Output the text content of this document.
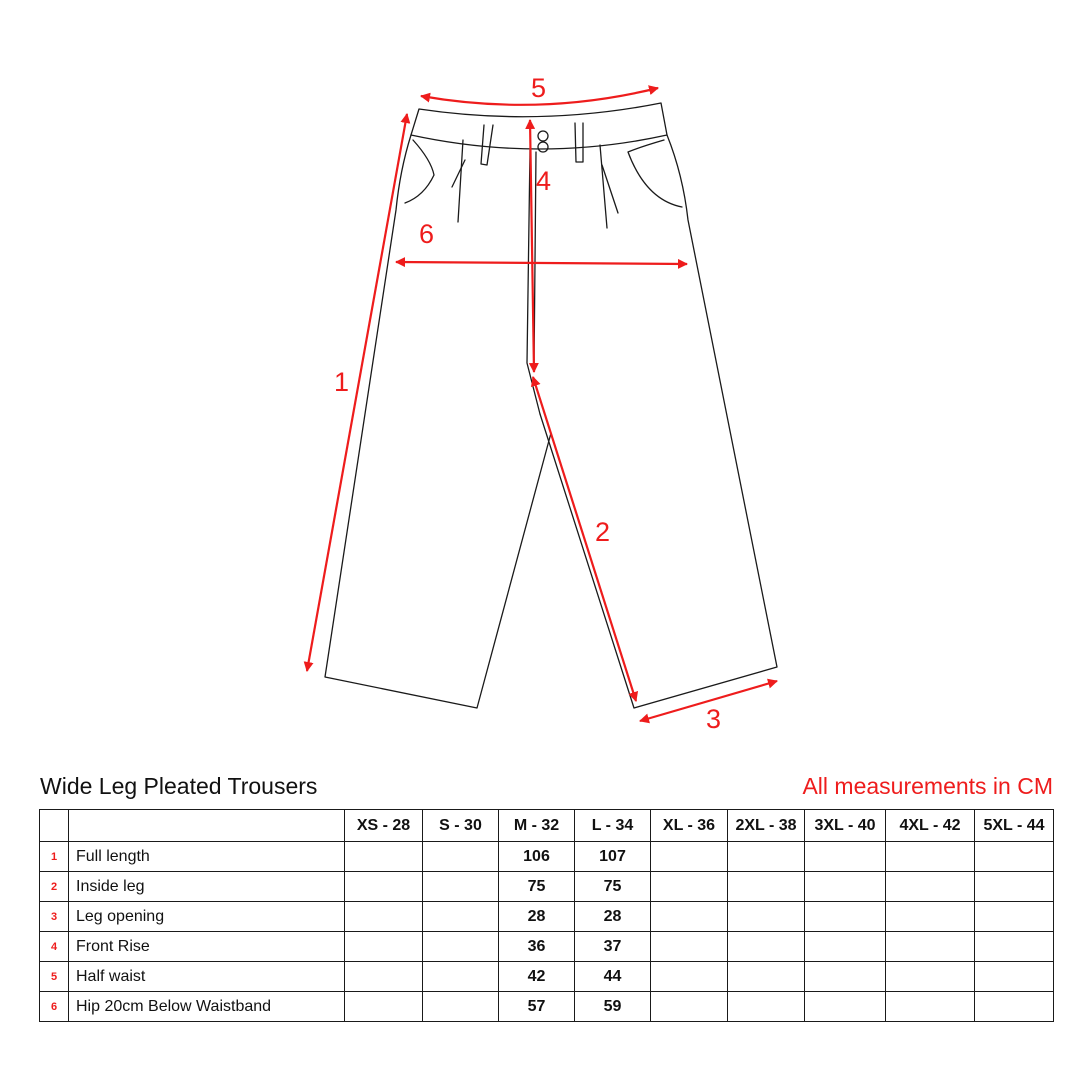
1
2
3
4
5
6
Wide Leg Pleated Trousers	All measurements in CM
		XS - 28	S - 30	M - 32	L - 34	XL - 36	2XL - 38	3XL - 40	4XL - 42	5XL - 44
1	Full length			106	107					
2	Inside leg			75	75					
3	Leg opening			28	28					
4	Front Rise			36	37					
5	Half waist			42	44					
6	Hip 20cm Below Waistband			57	59					
